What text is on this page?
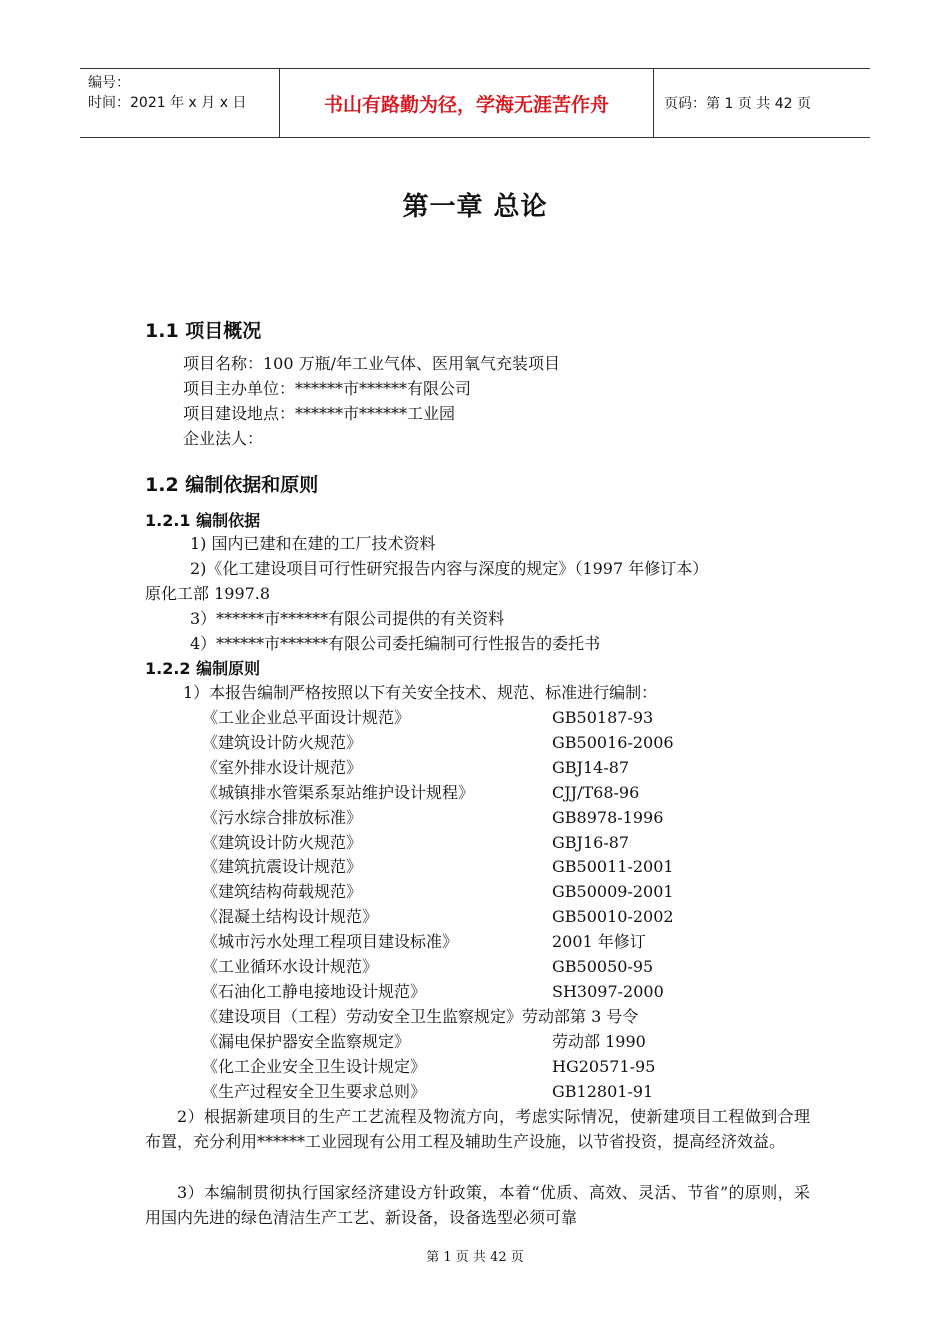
编号：
时间：2021 年 x 月 x 日	书山有路勤为径，学海无涯苦作舟	页码：第 1 页 共 42 页
第一章 总论
1.1 项目概况
项目名称：100 万瓶/年工业气体、医用氧气充装项目
项目主办单位：******市******有限公司
项目建设地点：******市******工业园
企业法人：
1.2 编制依据和原则
1.2.1 编制依据
1) 国内已建和在建的工厂技术资料
2)《化工建设项目可行性研究报告内容与深度的规定》（1997 年修订本）
原化工部 1997.8
3）******市******有限公司提供的有关资料
4）******市******有限公司委托编制可行性报告的委托书
1.2.2 编制原则
1）本报告编制严格按照以下有关安全技术、规范、标准进行编制：
《工业企业总平面设计规范》	GB50187-93
《建筑设计防火规范》	GB50016-2006
《室外排水设计规范》	GBJ14-87
《城镇排水管渠系泵站维护设计规程》	CJJ/T68-96
《污水综合排放标准》	GB8978-1996
《建筑设计防火规范》	GBJ16-87
《建筑抗震设计规范》	GB50011-2001
《建筑结构荷载规范》	GB50009-2001
《混凝土结构设计规范》	GB50010-2002
《城市污水处理工程项目建设标准》	2001 年修订
《工业循环水设计规范》	GB50050-95
《石油化工静电接地设计规范》	SH3097-2000
《建设项目（工程）劳动安全卫生监察规定》劳动部第 3 号令
《漏电保护器安全监察规定》	劳动部 1990
《化工企业安全卫生设计规定》	HG20571-95
《生产过程安全卫生要求总则》	GB12801-91

2）根据新建项目的生产工艺流程及物流方向，考虑实际情况，使新建项目工程做到合理布置，充分利用******工业园现有公用工程及辅助生产设施，以节省投资，提高经济效益。

3）本编制贯彻执行国家经济建设方针政策，本着“优质、高效、灵活、节省”的原则，采用国内先进的绿色清洁生产工艺、新设备，设备选型必须可靠

第 1 页 共 42 页
